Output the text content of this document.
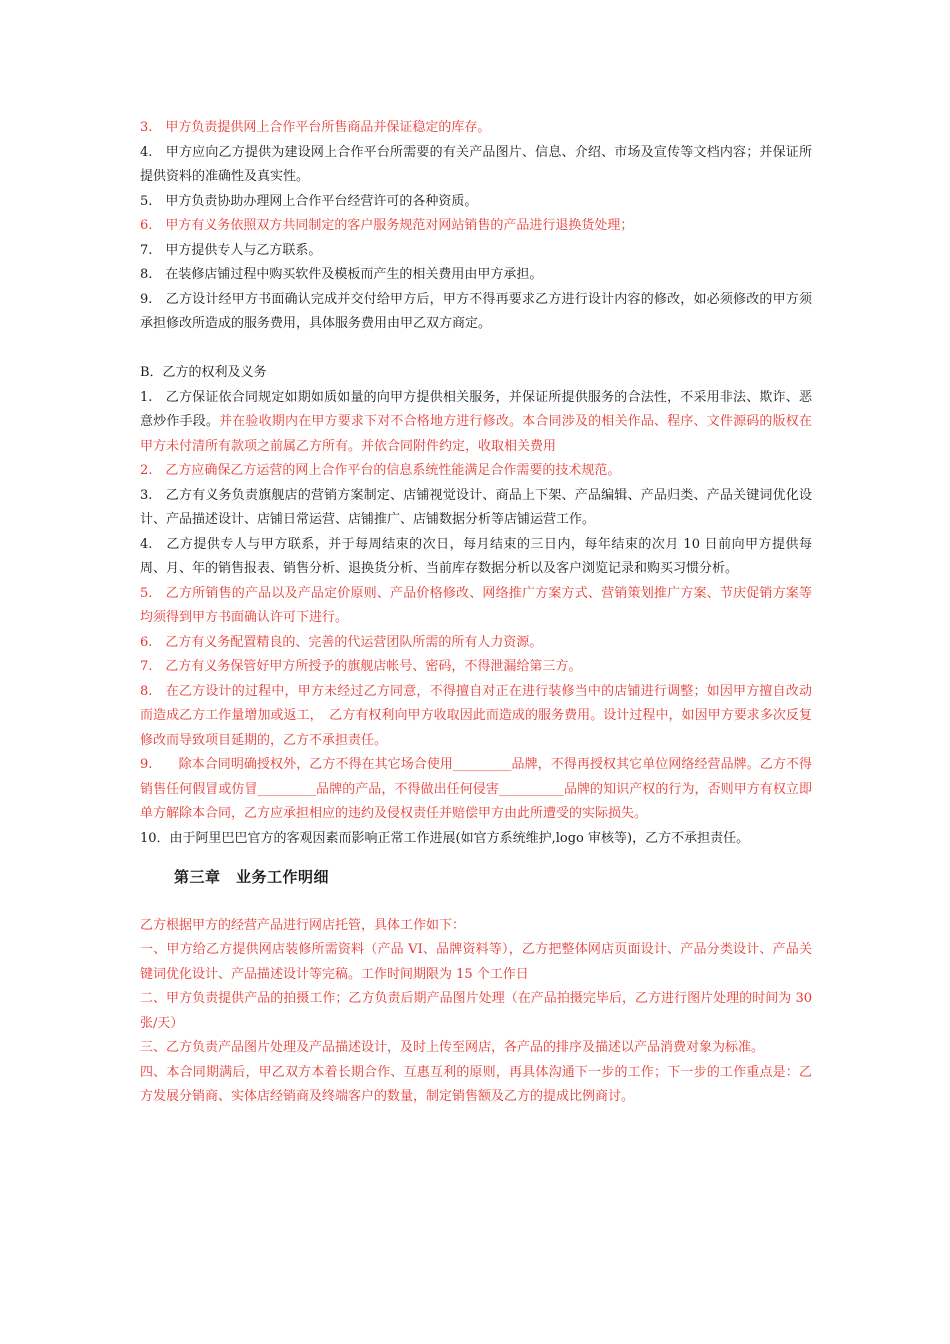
3.　甲方负责提供网上合作平台所售商品并保证稳定的库存。

4.　甲方应向乙方提供为建设网上合作平台所需要的有关产品图片、信息、介绍、市场及宣传等文档内容；并保证所提供资料的准确性及真实性。

5.　甲方负责协助办理网上合作平台经营许可的各种资质。

6.　甲方有义务依照双方共同制定的客户服务规范对网站销售的产品进行退换货处理；

7.　甲方提供专人与乙方联系。

8.　在装修店铺过程中购买软件及模板而产生的相关费用由甲方承担。

9.　乙方设计经甲方书面确认完成并交付给甲方后，甲方不得再要求乙方进行设计内容的修改，如必须修改的甲方须承担修改所造成的服务费用，具体服务费用由甲乙双方商定。

B．乙方的权利及义务

1.　乙方保证依合同规定如期如质如量的向甲方提供相关服务，并保证所提供服务的合法性，不采用非法、欺诈、恶意炒作手段。并在验收期内在甲方要求下对不合格地方进行修改。本合同涉及的相关作品、程序、文件源码的版权在甲方未付清所有款项之前属乙方所有。并依合同附件约定，收取相关费用

2.　乙方应确保乙方运营的网上合作平台的信息系统性能满足合作需要的技术规范。

3.　乙方有义务负责旗舰店的营销方案制定、店铺视觉设计、商品上下架、产品编辑、产品归类、产品关键词优化设计、产品描述设计、店铺日常运营、店铺推广、店铺数据分析等店铺运营工作。

4.　乙方提供专人与甲方联系，并于每周结束的次日，每月结束的三日内，每年结束的次月 10 日前向甲方提供每周、月、年的销售报表、销售分析、退换货分析、当前库存数据分析以及客户浏览记录和购买习惯分析。

5.　乙方所销售的产品以及产品定价原则、产品价格修改、网络推广方案方式、营销策划推广方案、节庆促销方案等均须得到甲方书面确认许可下进行。

6.　乙方有义务配置精良的、完善的代运营团队所需的所有人力资源。

7.　乙方有义务保管好甲方所授予的旗舰店帐号、密码，不得泄漏给第三方。

8.　在乙方设计的过程中，甲方未经过乙方同意，不得擅自对正在进行装修当中的店铺进行调整；如因甲方擅自改动而造成乙方工作量增加或返工，　乙方有权利向甲方收取因此而造成的服务费用。设计过程中，如因甲方要求多次反复修改而导致项目延期的，乙方不承担责任。

9.　　除本合同明确授权外，乙方不得在其它场合使用_________品牌，不得再授权其它单位网络经营品牌。乙方不得销售任何假冒或仿冒_________品牌的产品，不得做出任何侵害__________品牌的知识产权的行为，否则甲方有权立即单方解除本合同，乙方应承担相应的违约及侵权责任并赔偿甲方由此所遭受的实际损失。

10．由于阿里巴巴官方的客观因素而影响正常工作进展(如官方系统维护,logo 审核等)，乙方不承担责任。

第三章　业务工作明细

乙方根据甲方的经营产品进行网店托管，具体工作如下：

一、甲方给乙方提供网店装修所需资料（产品 VI、品牌资料等），乙方把整体网店页面设计、产品分类设计、产品关键词优化设计、产品描述设计等完稿。工作时间期限为 15 个工作日

二、甲方负责提供产品的拍摄工作；乙方负责后期产品图片处理（在产品拍摄完毕后，乙方进行图片处理的时间为 30 张/天）

三、乙方负责产品图片处理及产品描述设计，及时上传至网店，各产品的排序及描述以产品消费对象为标准。

四、本合同期满后，甲乙双方本着长期合作、互惠互利的原则，再具体沟通下一步的工作；下一步的工作重点是：乙方发展分销商、实体店经销商及终端客户的数量，制定销售额及乙方的提成比例商讨。
